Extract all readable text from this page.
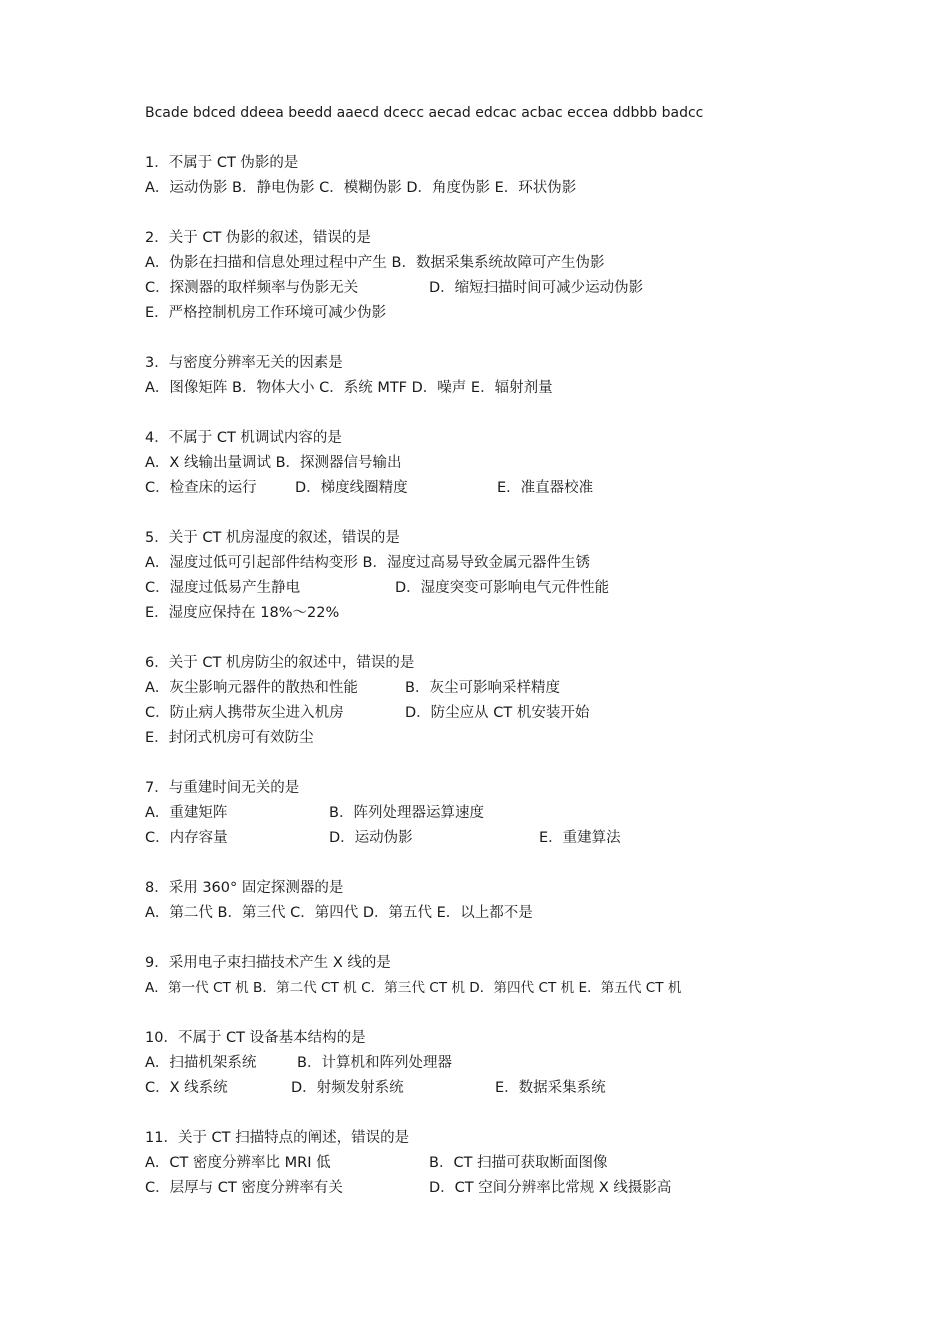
Bcade bdced ddeea beedd aaecd dcecc aecad edcac acbac eccea ddbbb badcc
1．不属于 CT 伪影的是
A．运动伪影 B．静电伪影 C．模糊伪影 D．角度伪影 E．环状伪影
2．关于 CT 伪影的叙述，错误的是
A．伪影在扫描和信息处理过程中产生 B．数据采集系统故障可产生伪影
C．探测器的取样频率与伪影无关	D．缩短扫描时间可减少运动伪影
E．严格控制机房工作环境可减少伪影
3．与密度分辨率无关的因素是
A．图像矩阵 B．物体大小 C．系统 MTF D．噪声 E．辐射剂量
4．不属于 CT 机调试内容的是
A．X 线输出量调试 B．探测器信号输出
C．检查床的运行	D．梯度线圈精度	E．准直器校准
5．关于 CT 机房湿度的叙述，错误的是
A．湿度过低可引起部件结构变形 B．湿度过高易导致金属元器件生锈
C．湿度过低易产生静电	D．湿度突变可影响电气元件性能
E．湿度应保持在 18%～22%
6．关于 CT 机房防尘的叙述中，错误的是
A．灰尘影响元器件的散热和性能	B．灰尘可影响采样精度
C．防止病人携带灰尘进入机房	D．防尘应从 CT 机安装开始
E．封闭式机房可有效防尘
7．与重建时间无关的是
A．重建矩阵	B．阵列处理器运算速度
C．内存容量	D．运动伪影	E．重建算法
8．采用 360° 固定探测器的是
A．第二代 B．第三代 C．第四代 D．第五代 E．以上都不是
9．采用电子束扫描技术产生 X 线的是
A．第一代 CT 机 B．第二代 CT 机 C．第三代 CT 机 D．第四代 CT 机 E．第五代 CT 机
10．不属于 CT 设备基本结构的是
A．扫描机架系统	B．计算机和阵列处理器
C．X 线系统	D．射频发射系统	E．数据采集系统
11．关于 CT 扫描特点的阐述，错误的是
A．CT 密度分辨率比 MRI 低	B．CT 扫描可获取断面图像
C．层厚与 CT 密度分辨率有关	D．CT 空间分辨率比常规 X 线摄影高
